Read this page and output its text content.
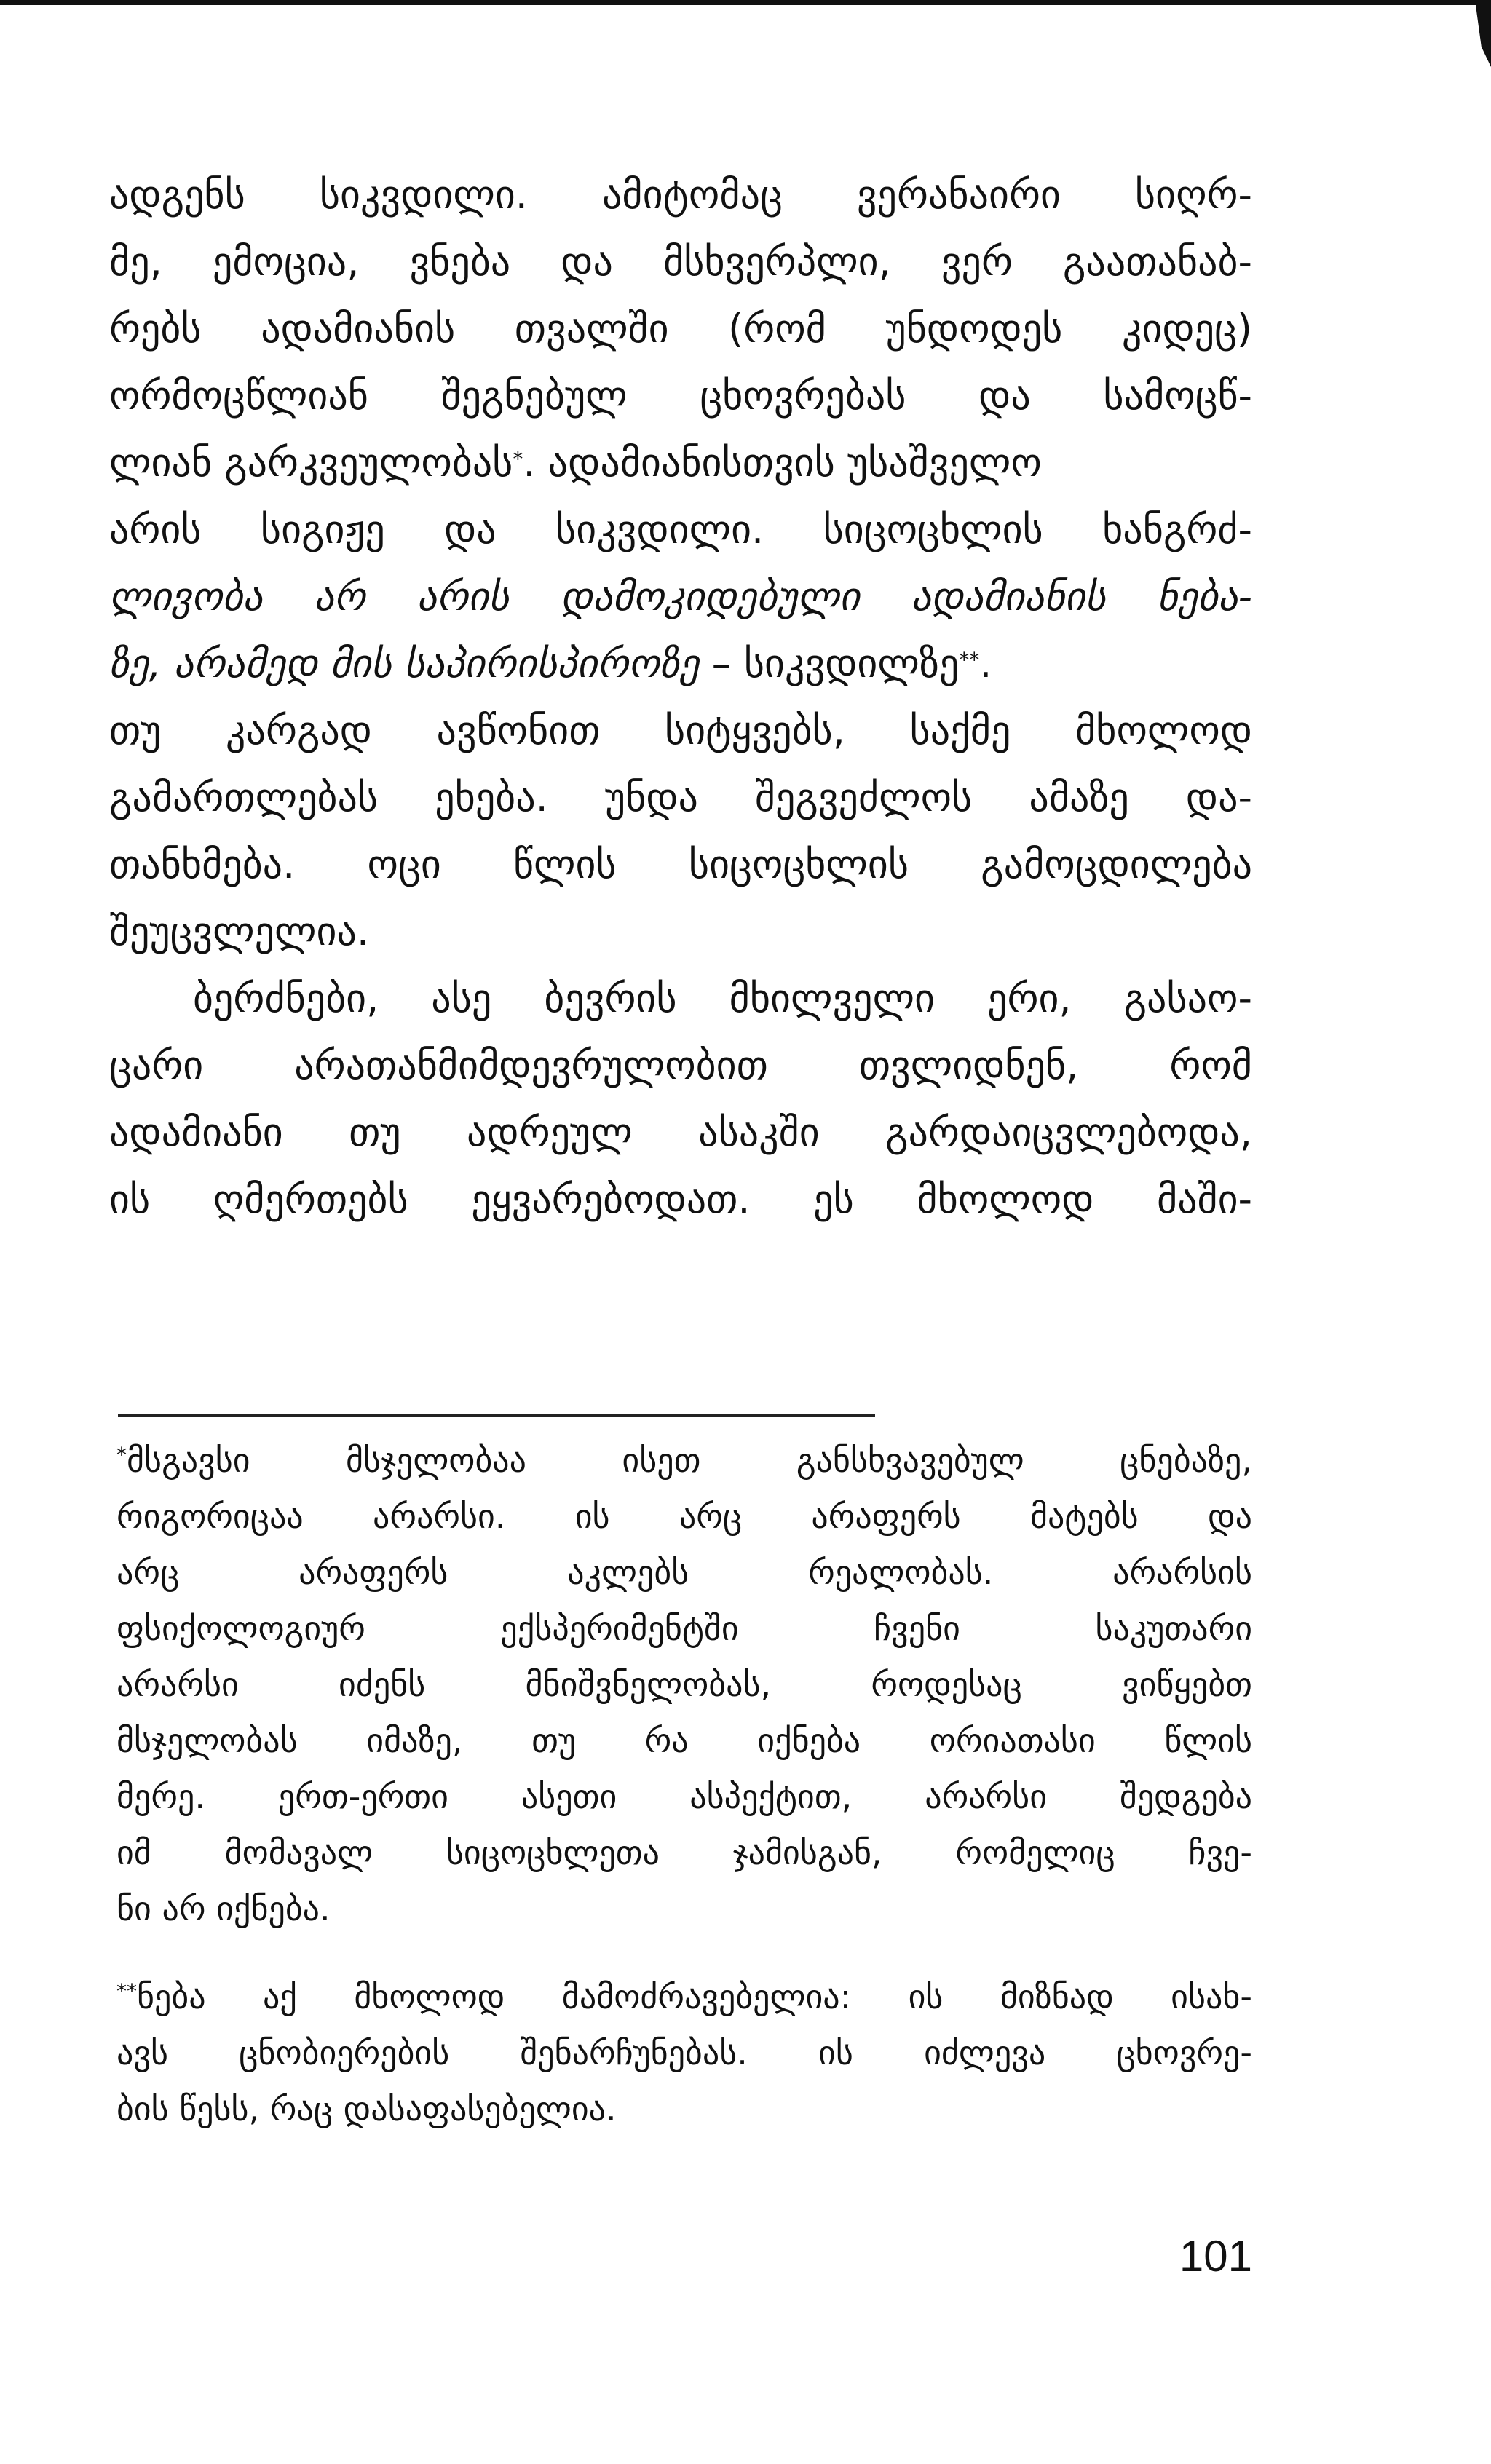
ადგენს სიკვდილი. ამიტომაც ვერანაირი სიღრ-
მე, ემოცია, ვნება და მსხვერპლი, ვერ გაათანაბ-
რებს ადამიანის თვალში (რომ უნდოდეს კიდეც)
ორმოცწლიან შეგნებულ ცხოვრებას და სამოცწ-
ლიან გარკვეულობას*. ადამიანისთვის უსაშველო
არის სიგიჟე და სიკვდილი. სიცოცხლის ხანგრძ-
ლივობა არ არის დამოკიდებული ადამიანის ნება-
ზე, არამედ მის საპირისპიროზე – სიკვდილზე**.
თუ კარგად ავწონით სიტყვებს, საქმე მხოლოდ
გამართლებას ეხება. უნდა შეგვეძლოს ამაზე და-
თანხმება. ოცი წლის სიცოცხლის გამოცდილება
შეუცვლელია.
ბერძნები, ასე ბევრის მხილველი ერი, გასაო-
ცარი არათანმიმდევრულობით თვლიდნენ, რომ
ადამიანი თუ ადრეულ ასაკში გარდაიცვლებოდა,
ის ღმერთებს ეყვარებოდათ. ეს მხოლოდ მაში-
*მსგავსი მსჯელობაა ისეთ განსხვავებულ ცნებაზე,
რიგორიცაა არარსი. ის არც არაფერს მატებს და
არც არაფერს აკლებს რეალობას. არარსის
ფსიქოლოგიურ ექსპერიმენტში ჩვენი საკუთარი
არარსი იძენს მნიშვნელობას, როდესაც ვიწყებთ
მსჯელობას იმაზე, თუ რა იქნება ორიათასი წლის
მერე. ერთ-ერთი ასეთი ასპექტით, არარსი შედგება
იმ მომავალ სიცოცხლეთა ჯამისგან, რომელიც ჩვე-
ნი არ იქნება.
**ნება აქ მხოლოდ მამოძრავებელია: ის მიზნად ისახ-
ავს ცნობიერების შენარჩუნებას. ის იძლევა ცხოვრე-
ბის წესს, რაც დასაფასებელია.
101
